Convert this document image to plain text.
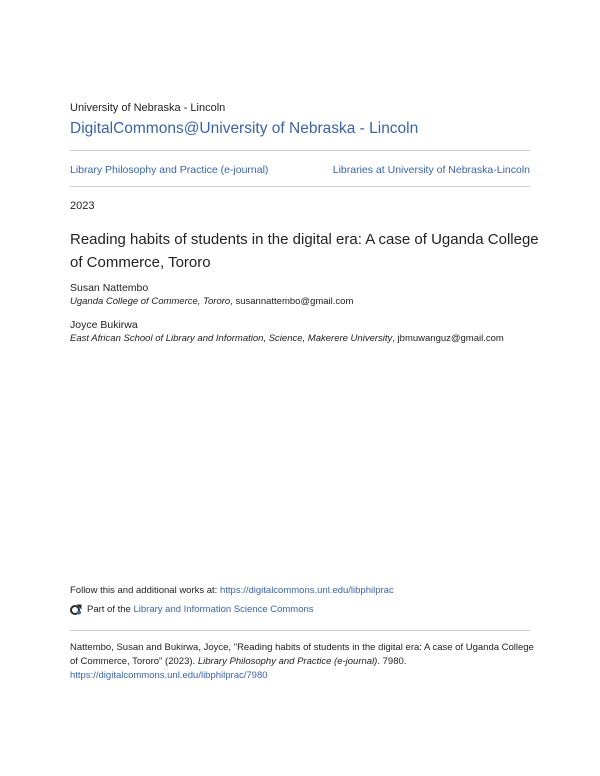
University of Nebraska - Lincoln
DigitalCommons@University of Nebraska - Lincoln
Library Philosophy and Practice (e-journal)	Libraries at University of Nebraska-Lincoln
2023
Reading habits of students in the digital era: A case of Uganda College of Commerce, Tororo
Susan Nattembo
Uganda College of Commerce, Tororo, susannattembo@gmail.com
Joyce Bukirwa
East African School of Library and Information, Science, Makerere University, jbmuwanguz@gmail.com
Follow this and additional works at: https://digitalcommons.unl.edu/libphilprac
Part of the
Library and Information Science Commons
Nattembo, Susan and Bukirwa, Joyce, "Reading habits of students in the digital era: A case of Uganda College of Commerce, Tororo" (2023). Library Philosophy and Practice (e-journal). 7980.
https://digitalcommons.unl.edu/libphilprac/7980
